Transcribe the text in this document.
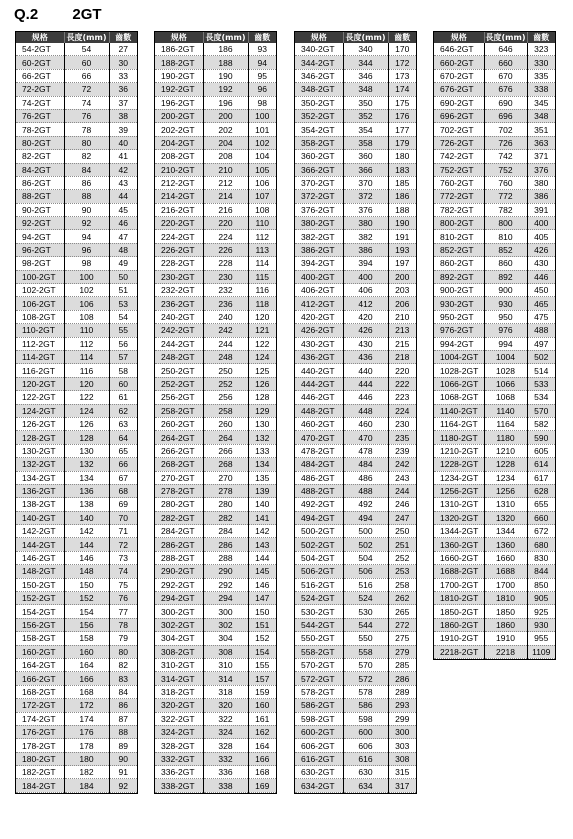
Q.2 2GT
规格	長度(mm)	齒數
54-2GT	54	27
60-2GT	60	30
66-2GT	66	33
72-2GT	72	36
74-2GT	74	37
76-2GT	76	38
78-2GT	78	39
80-2GT	80	40
82-2GT	82	41
84-2GT	84	42
86-2GT	86	43
88-2GT	88	44
90-2GT	90	45
92-2GT	92	46
94-2GT	94	47
96-2GT	96	48
98-2GT	98	49
100-2GT	100	50
102-2GT	102	51
106-2GT	106	53
108-2GT	108	54
110-2GT	110	55
112-2GT	112	56
114-2GT	114	57
116-2GT	116	58
120-2GT	120	60
122-2GT	122	61
124-2GT	124	62
126-2GT	126	63
128-2GT	128	64
130-2GT	130	65
132-2GT	132	66
134-2GT	134	67
136-2GT	136	68
138-2GT	138	69
140-2GT	140	70
142-2GT	142	71
144-2GT	144	72
146-2GT	146	73
148-2GT	148	74
150-2GT	150	75
152-2GT	152	76
154-2GT	154	77
156-2GT	156	78
158-2GT	158	79
160-2GT	160	80
164-2GT	164	82
166-2GT	166	83
168-2GT	168	84
172-2GT	172	86
174-2GT	174	87
176-2GT	176	88
178-2GT	178	89
180-2GT	180	90
182-2GT	182	91
184-2GT	184	92
规格	長度(mm)	齒數
186-2GT	186	93
188-2GT	188	94
190-2GT	190	95
192-2GT	192	96
196-2GT	196	98
200-2GT	200	100
202-2GT	202	101
204-2GT	204	102
208-2GT	208	104
210-2GT	210	105
212-2GT	212	106
214-2GT	214	107
216-2GT	216	108
220-2GT	220	110
224-2GT	224	112
226-2GT	226	113
228-2GT	228	114
230-2GT	230	115
232-2GT	232	116
236-2GT	236	118
240-2GT	240	120
242-2GT	242	121
244-2GT	244	122
248-2GT	248	124
250-2GT	250	125
252-2GT	252	126
256-2GT	256	128
258-2GT	258	129
260-2GT	260	130
264-2GT	264	132
266-2GT	266	133
268-2GT	268	134
270-2GT	270	135
278-2GT	278	139
280-2GT	280	140
282-2GT	282	141
284-2GT	284	142
286-2GT	286	143
288-2GT	288	144
290-2GT	290	145
292-2GT	292	146
294-2GT	294	147
300-2GT	300	150
302-2GT	302	151
304-2GT	304	152
308-2GT	308	154
310-2GT	310	155
314-2GT	314	157
318-2GT	318	159
320-2GT	320	160
322-2GT	322	161
324-2GT	324	162
328-2GT	328	164
332-2GT	332	166
336-2GT	336	168
338-2GT	338	169
规格	長度(mm)	齒數
340-2GT	340	170
344-2GT	344	172
346-2GT	346	173
348-2GT	348	174
350-2GT	350	175
352-2GT	352	176
354-2GT	354	177
358-2GT	358	179
360-2GT	360	180
366-2GT	366	183
370-2GT	370	185
372-2GT	372	186
376-2GT	376	188
380-2GT	380	190
382-2GT	382	191
386-2GT	386	193
394-2GT	394	197
400-2GT	400	200
406-2GT	406	203
412-2GT	412	206
420-2GT	420	210
426-2GT	426	213
430-2GT	430	215
436-2GT	436	218
440-2GT	440	220
444-2GT	444	222
446-2GT	446	223
448-2GT	448	224
460-2GT	460	230
470-2GT	470	235
478-2GT	478	239
484-2GT	484	242
486-2GT	486	243
488-2GT	488	244
492-2GT	492	246
494-2GT	494	247
500-2GT	500	250
502-2GT	502	251
504-2GT	504	252
506-2GT	506	253
516-2GT	516	258
524-2GT	524	262
530-2GT	530	265
544-2GT	544	272
550-2GT	550	275
558-2GT	558	279
570-2GT	570	285
572-2GT	572	286
578-2GT	578	289
586-2GT	586	293
598-2GT	598	299
600-2GT	600	300
606-2GT	606	303
616-2GT	616	308
630-2GT	630	315
634-2GT	634	317
规格	長度(mm)	齒數
646-2GT	646	323
660-2GT	660	330
670-2GT	670	335
676-2GT	676	338
690-2GT	690	345
696-2GT	696	348
702-2GT	702	351
726-2GT	726	363
742-2GT	742	371
752-2GT	752	376
760-2GT	760	380
772-2GT	772	386
782-2GT	782	391
800-2GT	800	400
810-2GT	810	405
852-2GT	852	426
860-2GT	860	430
892-2GT	892	446
900-2GT	900	450
930-2GT	930	465
950-2GT	950	475
976-2GT	976	488
994-2GT	994	497
1004-2GT	1004	502
1028-2GT	1028	514
1066-2GT	1066	533
1068-2GT	1068	534
1140-2GT	1140	570
1164-2GT	1164	582
1180-2GT	1180	590
1210-2GT	1210	605
1228-2GT	1228	614
1234-2GT	1234	617
1256-2GT	1256	628
1310-2GT	1310	655
1320-2GT	1320	660
1344-2GT	1344	672
1360-2GT	1360	680
1660-2GT	1660	830
1688-2GT	1688	844
1700-2GT	1700	850
1810-2GT	1810	905
1850-2GT	1850	925
1860-2GT	1860	930
1910-2GT	1910	955
2218-2GT	2218	1109
